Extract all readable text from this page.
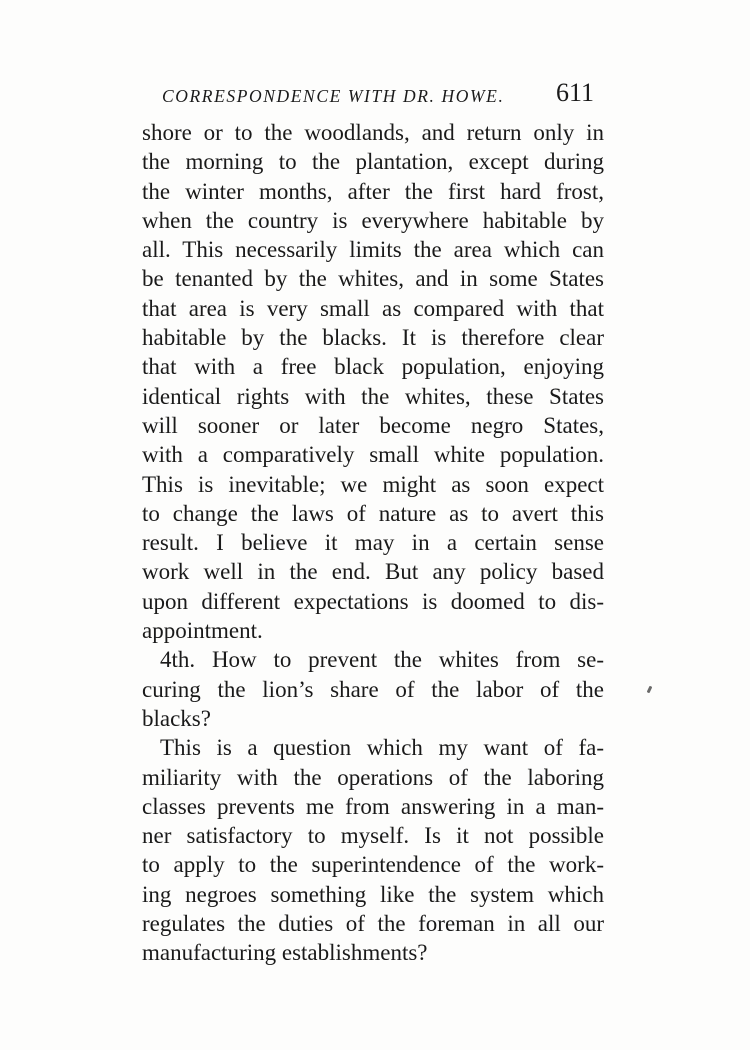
CORRESPONDENCE WITH DR. HOWE. 611
shore or to the woodlands, and return only in
the morning to the plantation, except during
the winter months, after the first hard frost,
when the country is everywhere habitable by
all. This necessarily limits the area which can
be tenanted by the whites, and in some States
that area is very small as compared with that
habitable by the blacks. It is therefore clear
that with a free black population, enjoying
identical rights with the whites, these States
will sooner or later become negro States,
with a comparatively small white population.
This is inevitable; we might as soon expect
to change the laws of nature as to avert this
result. I believe it may in a certain sense
work well in the end. But any policy based
upon different expectations is doomed to dis-
appointment.
4th. How to prevent the whites from se-
curing the lion’s share of the labor of the
blacks?
This is a question which my want of fa-
miliarity with the operations of the laboring
classes prevents me from answering in a man-
ner satisfactory to myself. Is it not possible
to apply to the superintendence of the work-
ing negroes something like the system which
regulates the duties of the foreman in all our
manufacturing establishments?
